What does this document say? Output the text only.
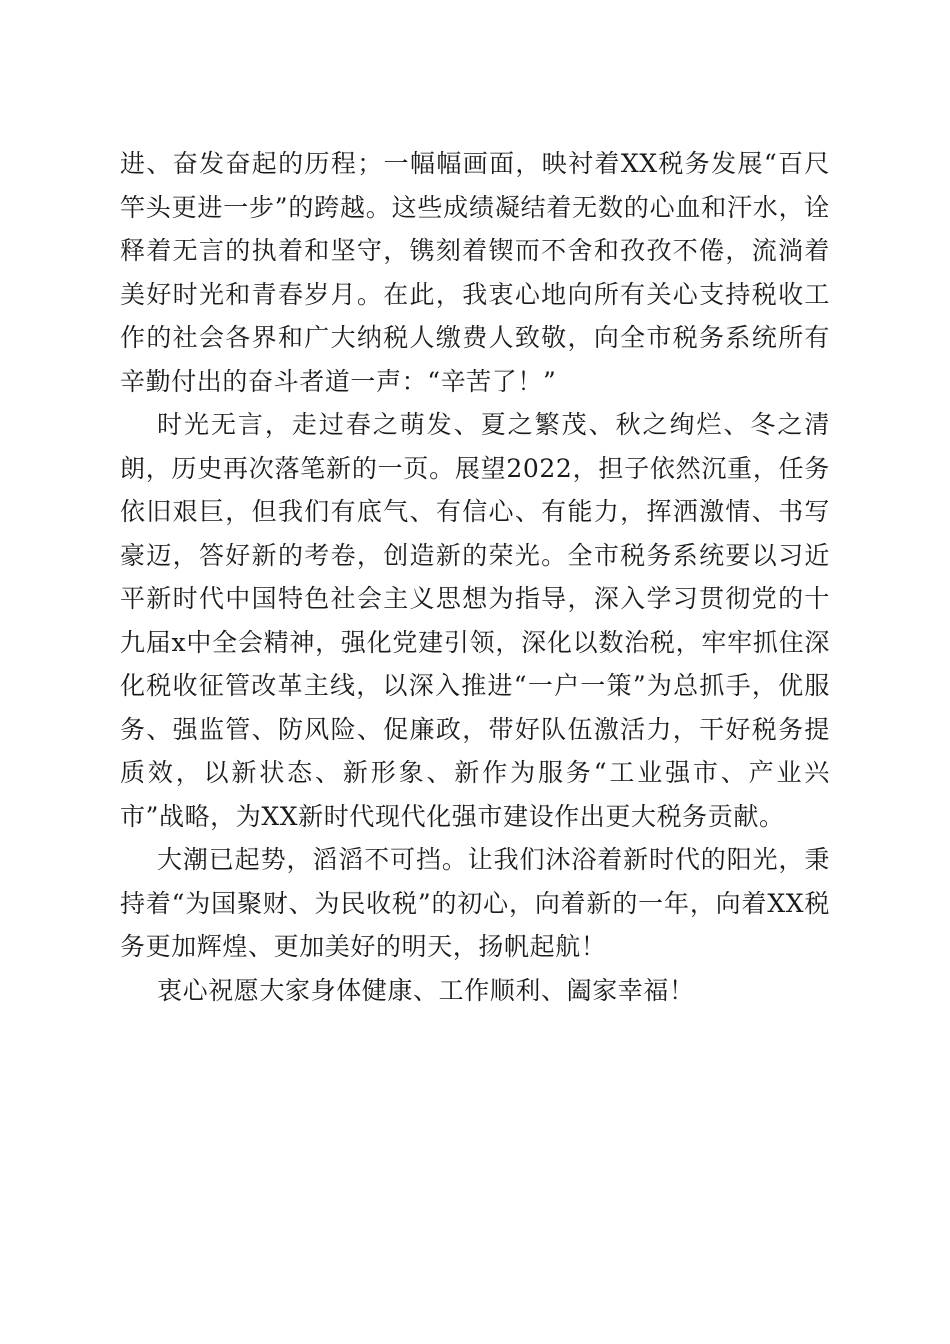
进、奋发奋起的历程；一幅幅画面，映衬着XX税务发展“百尺竿头更进一步”的跨越。这些成绩凝结着无数的心血和汗水，诠释着无言的执着和坚守，镌刻着锲而不舍和孜孜不倦，流淌着美好时光和青春岁月。在此，我衷心地向所有关心支持税收工作的社会各界和广大纳税人缴费人致敬，向全市税务系统所有辛勤付出的奋斗者道一声：“辛苦了！”

时光无言，走过春之萌发、夏之繁茂、秋之绚烂、冬之清朗，历史再次落笔新的一页。展望2022，担子依然沉重，任务依旧艰巨，但我们有底气、有信心、有能力，挥洒激情、书写豪迈，答好新的考卷，创造新的荣光。全市税务系统要以习近平新时代中国特色社会主义思想为指导，深入学习贯彻党的十九届x中全会精神，强化党建引领，深化以数治税，牢牢抓住深化税收征管改革主线，以深入推进“一户一策”为总抓手，优服务、强监管、防风险、促廉政，带好队伍激活力，干好税务提质效，以新状态、新形象、新作为服务“工业强市、产业兴市”战略，为XX新时代现代化强市建设作出更大税务贡献。

大潮已起势，滔滔不可挡。让我们沐浴着新时代的阳光，秉持着“为国聚财、为民收税”的初心，向着新的一年，向着XX税务更加辉煌、更加美好的明天，扬帆起航！

衷心祝愿大家身体健康、工作顺利、阖家幸福！
